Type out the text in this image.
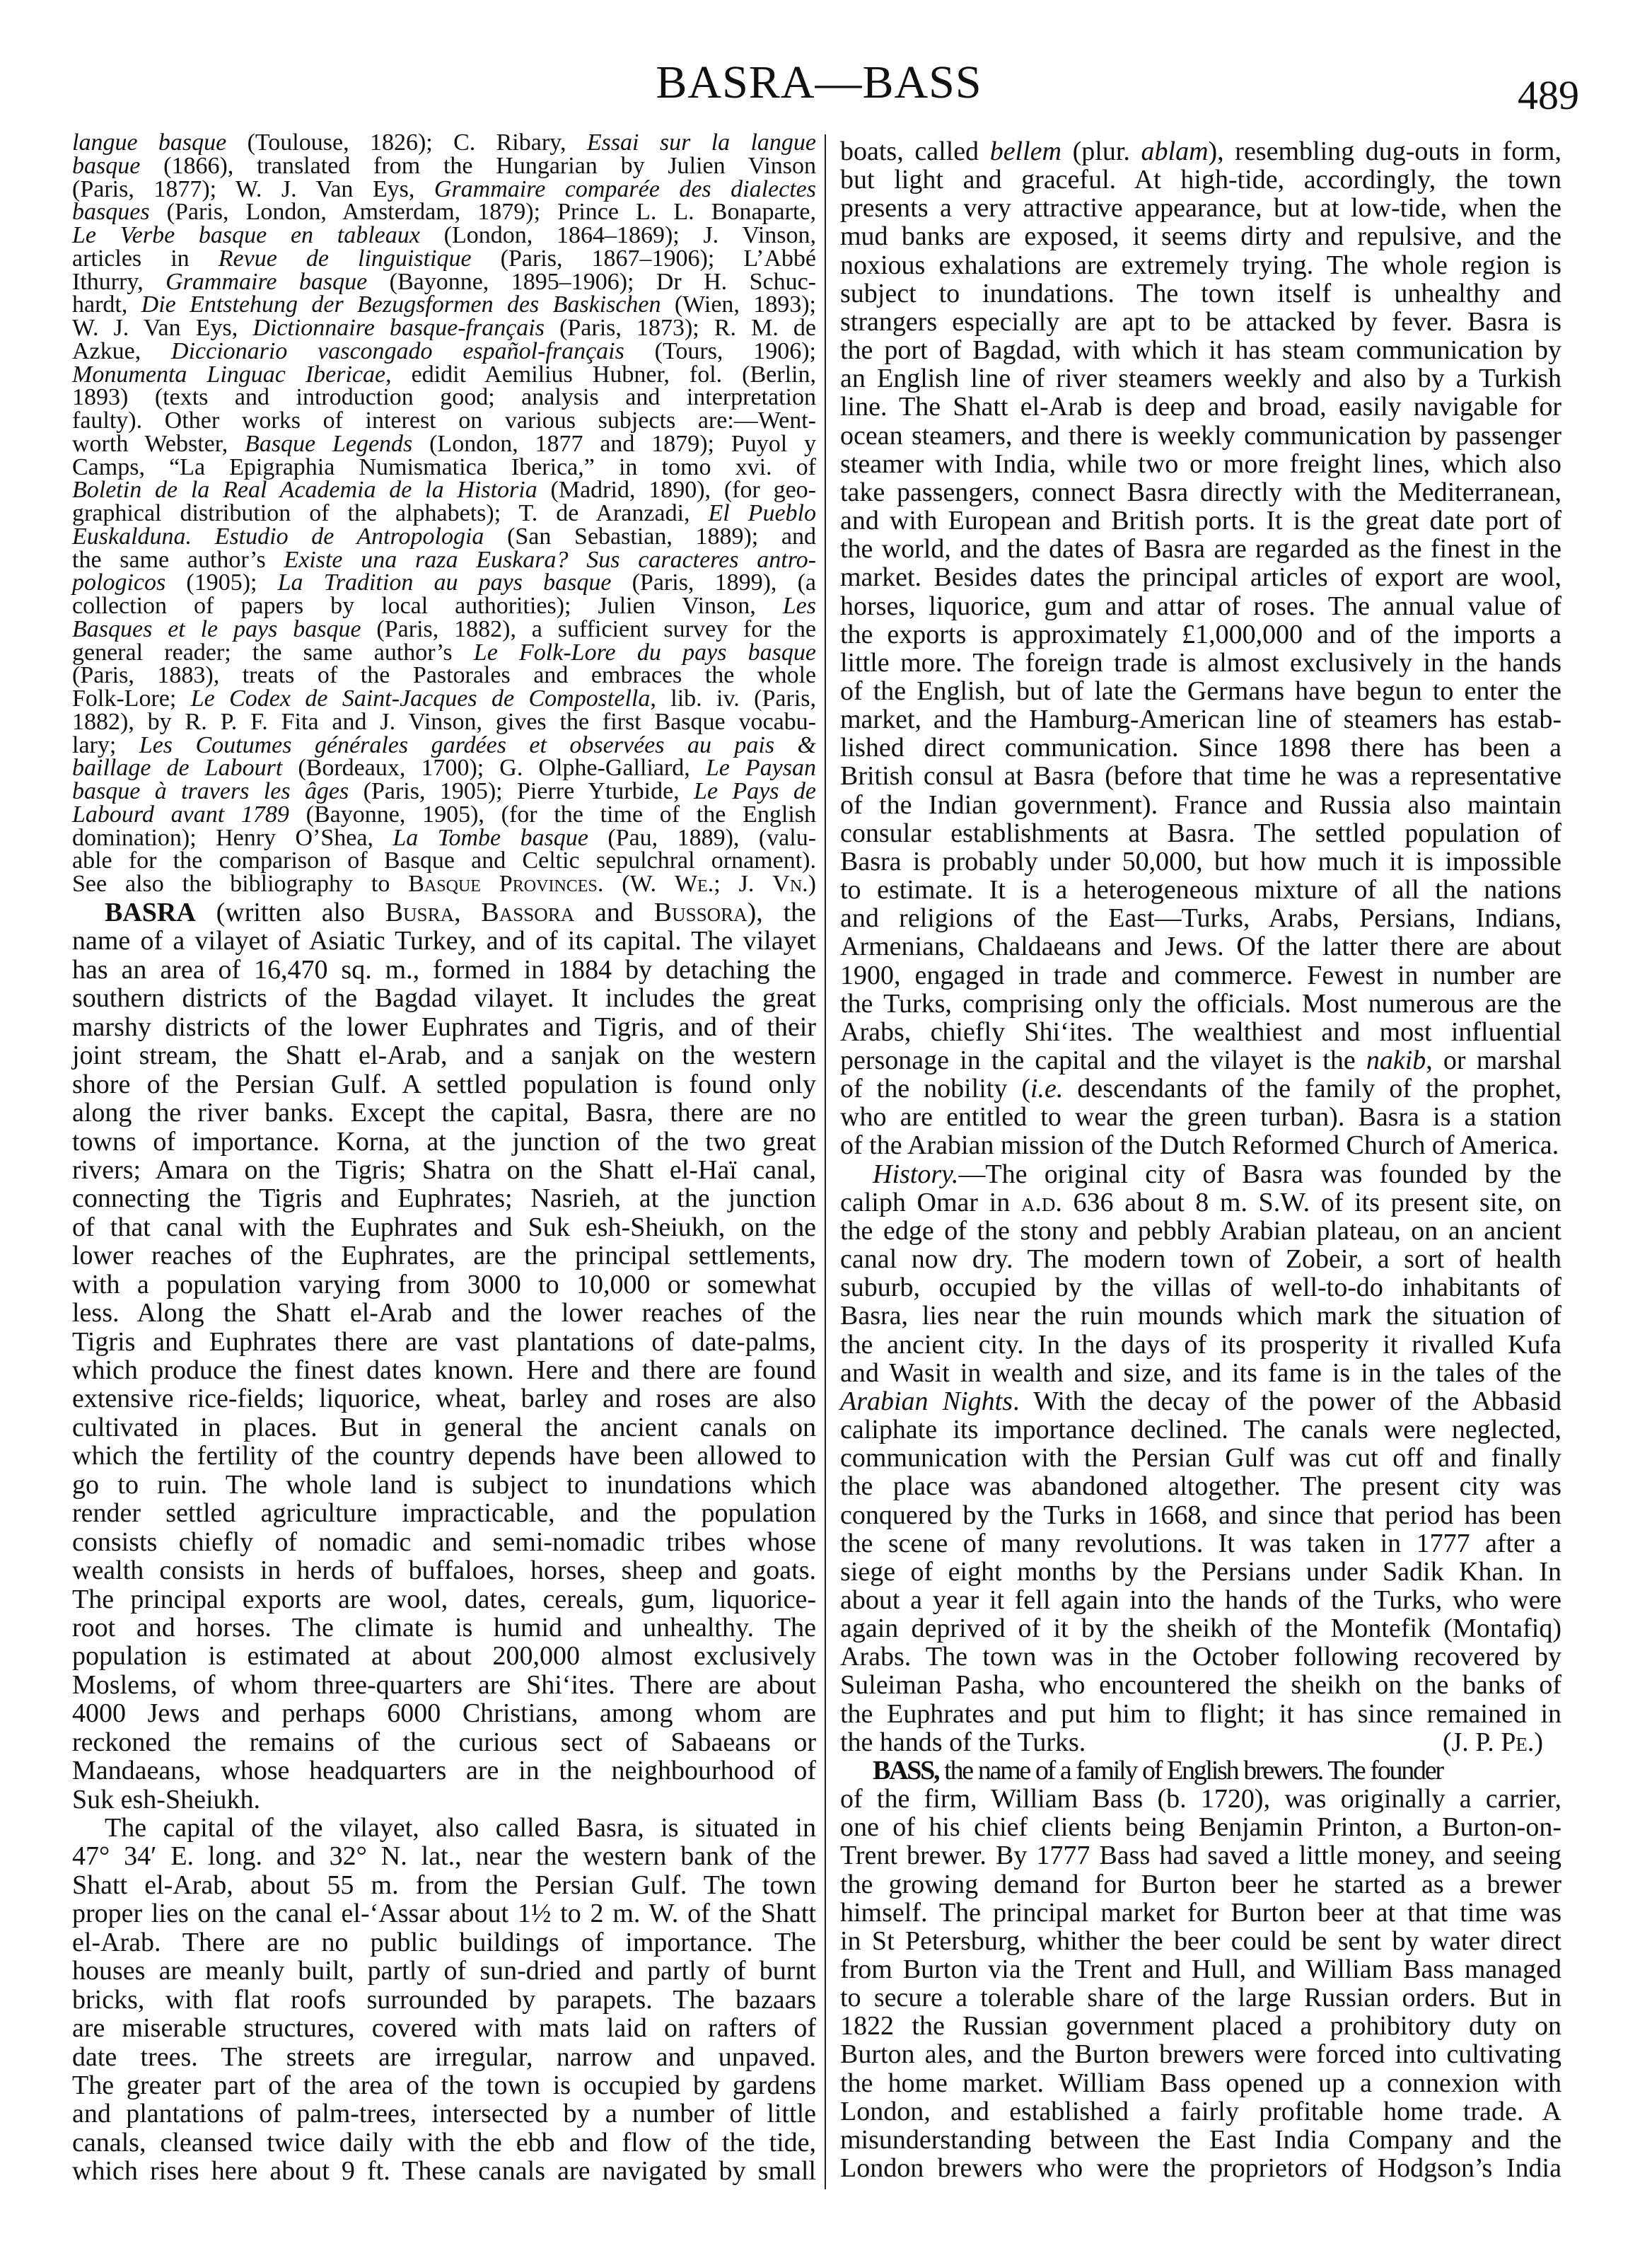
BASRA—BASS	489
langue basque (Toulouse, 1826); C. Ribary, Essai sur la langue
basque (1866), translated from the Hungarian by Julien Vinson
(Paris, 1877); W. J. Van Eys, Grammaire comparée des dialectes
basques (Paris, London, Amsterdam, 1879); Prince L. L. Bonaparte,
Le Verbe basque en tableaux (London, 1864–1869); J. Vinson,
articles in Revue de linguistique (Paris, 1867–1906); L’Abbé
Ithurry, Grammaire basque (Bayonne, 1895–1906); Dr H. Schuc-
hardt, Die Entstehung der Bezugsformen des Baskischen (Wien, 1893);
W. J. Van Eys, Dictionnaire basque-français (Paris, 1873); R. M. de
Azkue, Diccionario vascongado español-français (Tours, 1906);
Monumenta Linguac Ibericae, edidit Aemilius Hubner, fol. (Berlin,
1893) (texts and introduction good; analysis and interpretation
faulty). Other works of interest on various subjects are:—Went-
worth Webster, Basque Legends (London, 1877 and 1879); Puyol y
Camps, “La Epigraphia Numismatica Iberica,” in tomo xvi. of
Boletin de la Real Academia de la Historia (Madrid, 1890), (for geo-
graphical distribution of the alphabets); T. de Aranzadi, El Pueblo
Euskalduna. Estudio de Antropologia (San Sebastian, 1889); and
the same author’s Existe una raza Euskara? Sus caracteres antro-
pologicos (1905); La Tradition au pays basque (Paris, 1899), (a
collection of papers by local authorities); Julien Vinson, Les
Basques et le pays basque (Paris, 1882), a sufficient survey for the
general reader; the same author’s Le Folk-Lore du pays basque
(Paris, 1883), treats of the Pastorales and embraces the whole
Folk-Lore; Le Codex de Saint-Jacques de Compostella, lib. iv. (Paris,
1882), by R. P. F. Fita and J. Vinson, gives the first Basque vocabu-
lary; Les Coutumes générales gardées et observées au pais &
baillage de Labourt (Bordeaux, 1700); G. Olphe-Galliard, Le Paysan
basque à travers les âges (Paris, 1905); Pierre Yturbide, Le Pays de
Labourd avant 1789 (Bayonne, 1905), (for the time of the English
domination); Henry O’Shea, La Tombe basque (Pau, 1889), (valu-
able for the comparison of Basque and Celtic sepulchral ornament).
See also the bibliography to Basque Provinces. (W. We.; J. Vn.)
BASRA (written also Busra, Bassora and Bussora), the
name of a vilayet of Asiatic Turkey, and of its capital. The vilayet
has an area of 16,470 sq. m., formed in 1884 by detaching the
southern districts of the Bagdad vilayet. It includes the great
marshy districts of the lower Euphrates and Tigris, and of their
joint stream, the Shatt el-Arab, and a sanjak on the western
shore of the Persian Gulf. A settled population is found only
along the river banks. Except the capital, Basra, there are no
towns of importance. Korna, at the junction of the two great
rivers; Amara on the Tigris; Shatra on the Shatt el-Haï canal,
connecting the Tigris and Euphrates; Nasrieh, at the junction
of that canal with the Euphrates and Suk esh-Sheiukh, on the
lower reaches of the Euphrates, are the principal settlements,
with a population varying from 3000 to 10,000 or somewhat
less. Along the Shatt el-Arab and the lower reaches of the
Tigris and Euphrates there are vast plantations of date-palms,
which produce the finest dates known. Here and there are found
extensive rice-fields; liquorice, wheat, barley and roses are also
cultivated in places. But in general the ancient canals on
which the fertility of the country depends have been allowed to
go to ruin. The whole land is subject to inundations which
render settled agriculture impracticable, and the population
consists chiefly of nomadic and semi-nomadic tribes whose
wealth consists in herds of buffaloes, horses, sheep and goats.
The principal exports are wool, dates, cereals, gum, liquorice-
root and horses. The climate is humid and unhealthy. The
population is estimated at about 200,000 almost exclusively
Moslems, of whom three-quarters are Shi‘ites. There are about
4000 Jews and perhaps 6000 Christians, among whom are
reckoned the remains of the curious sect of Sabaeans or
Mandaeans, whose headquarters are in the neighbourhood of
Suk esh-Sheiukh.
The capital of the vilayet, also called Basra, is situated in
47° 34′ E. long. and 32° N. lat., near the western bank of the
Shatt el-Arab, about 55 m. from the Persian Gulf. The town
proper lies on the canal el-‘Assar about 1½ to 2 m. W. of the Shatt
el-Arab. There are no public buildings of importance. The
houses are meanly built, partly of sun-dried and partly of burnt
bricks, with flat roofs surrounded by parapets. The bazaars
are miserable structures, covered with mats laid on rafters of
date trees. The streets are irregular, narrow and unpaved.
The greater part of the area of the town is occupied by gardens
and plantations of palm-trees, intersected by a number of little
canals, cleansed twice daily with the ebb and flow of the tide,
which rises here about 9 ft. These canals are navigated by small
boats, called bellem (plur. ablam), resembling dug-outs in form,
but light and graceful. At high-tide, accordingly, the town
presents a very attractive appearance, but at low-tide, when the
mud banks are exposed, it seems dirty and repulsive, and the
noxious exhalations are extremely trying. The whole region is
subject to inundations. The town itself is unhealthy and
strangers especially are apt to be attacked by fever. Basra is
the port of Bagdad, with which it has steam communication by
an English line of river steamers weekly and also by a Turkish
line. The Shatt el-Arab is deep and broad, easily navigable for
ocean steamers, and there is weekly communication by passenger
steamer with India, while two or more freight lines, which also
take passengers, connect Basra directly with the Mediterranean,
and with European and British ports. It is the great date port of
the world, and the dates of Basra are regarded as the finest in the
market. Besides dates the principal articles of export are wool,
horses, liquorice, gum and attar of roses. The annual value of
the exports is approximately £1,000,000 and of the imports a
little more. The foreign trade is almost exclusively in the hands
of the English, but of late the Germans have begun to enter the
market, and the Hamburg-American line of steamers has estab-
lished direct communication. Since 1898 there has been a
British consul at Basra (before that time he was a representative
of the Indian government). France and Russia also maintain
consular establishments at Basra. The settled population of
Basra is probably under 50,000, but how much it is impossible
to estimate. It is a heterogeneous mixture of all the nations
and religions of the East—Turks, Arabs, Persians, Indians,
Armenians, Chaldaeans and Jews. Of the latter there are about
1900, engaged in trade and commerce. Fewest in number are
the Turks, comprising only the officials. Most numerous are the
Arabs, chiefly Shi‘ites. The wealthiest and most influential
personage in the capital and the vilayet is the nakib, or marshal
of the nobility (i.e. descendants of the family of the prophet,
who are entitled to wear the green turban). Basra is a station
of the Arabian mission of the Dutch Reformed Church of America.
History.—The original city of Basra was founded by the
caliph Omar in a.d. 636 about 8 m. S.W. of its present site, on
the edge of the stony and pebbly Arabian plateau, on an ancient
canal now dry. The modern town of Zobeir, a sort of health
suburb, occupied by the villas of well-to-do inhabitants of
Basra, lies near the ruin mounds which mark the situation of
the ancient city. In the days of its prosperity it rivalled Kufa
and Wasit in wealth and size, and its fame is in the tales of the
Arabian Nights. With the decay of the power of the Abbasid
caliphate its importance declined. The canals were neglected,
communication with the Persian Gulf was cut off and finally
the place was abandoned altogether. The present city was
conquered by the Turks in 1668, and since that period has been
the scene of many revolutions. It was taken in 1777 after a
siege of eight months by the Persians under Sadik Khan. In
about a year it fell again into the hands of the Turks, who were
again deprived of it by the sheikh of the Montefik (Montafiq)
Arabs. The town was in the October following recovered by
Suleiman Pasha, who encountered the sheikh on the banks of
the Euphrates and put him to flight; it has since remained in
the hands of the Turks.	(J. P. Pe.)
BASS, the name of a family of English brewers. The founder
of the firm, William Bass (b. 1720), was originally a carrier,
one of his chief clients being Benjamin Printon, a Burton-on-
Trent brewer. By 1777 Bass had saved a little money, and seeing
the growing demand for Burton beer he started as a brewer
himself. The principal market for Burton beer at that time was
in St Petersburg, whither the beer could be sent by water direct
from Burton via the Trent and Hull, and William Bass managed
to secure a tolerable share of the large Russian orders. But in
1822 the Russian government placed a prohibitory duty on
Burton ales, and the Burton brewers were forced into cultivating
the home market. William Bass opened up a connexion with
London, and established a fairly profitable home trade. A
misunderstanding between the East India Company and the
London brewers who were the proprietors of Hodgson’s India
